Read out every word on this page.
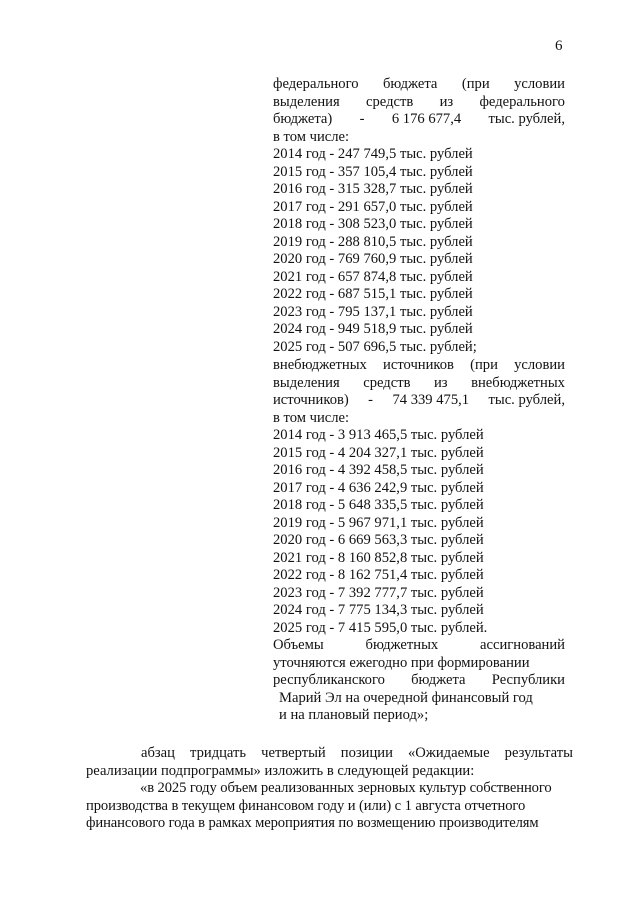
6
федерального бюджета (при условии
выделения средств из федерального
бюджета) - 6 176 677,4 тыс. рублей,
в том числе:
2014 год - 247 749,5 тыс. рублей
2015 год - 357 105,4 тыс. рублей
2016 год - 315 328,7 тыс. рублей
2017 год - 291 657,0 тыс. рублей
2018 год - 308 523,0 тыс. рублей
2019 год - 288 810,5 тыс. рублей
2020 год - 769 760,9 тыс. рублей
2021 год - 657 874,8 тыс. рублей
2022 год - 687 515,1 тыс. рублей
2023 год - 795 137,1 тыс. рублей
2024 год - 949 518,9 тыс. рублей
2025 год - 507 696,5 тыс. рублей;
внебюджетных источников (при условии
выделения средств из внебюджетных
источников) - 74 339 475,1 тыс. рублей,
в том числе:
2014 год - 3 913 465,5 тыс. рублей
2015 год - 4 204 327,1 тыс. рублей
2016 год - 4 392 458,5 тыс. рублей
2017 год - 4 636 242,9 тыс. рублей
2018 год - 5 648 335,5 тыс. рублей
2019 год - 5 967 971,1 тыс. рублей
2020 год - 6 669 563,3 тыс. рублей
2021 год - 8 160 852,8 тыс. рублей
2022 год - 8 162 751,4 тыс. рублей
2023 год - 7 392 777,7 тыс. рублей
2024 год - 7 775 134,3 тыс. рублей
2025 год - 7 415 595,0 тыс. рублей.
Объемы	бюджетных	ассигнований
уточняются ежегодно при формировании
республиканского бюджета Республики
Марий Эл на очередной финансовый год
и на плановый период»;
абзац тридцать четвертый позиции «Ожидаемые результаты
реализации подпрограммы» изложить в следующей редакции:
«в 2025 году объем реализованных зерновых культур собственного
производства в текущем финансовом году и (или) с 1 августа отчетного
финансового года в рамках мероприятия по возмещению производителям
